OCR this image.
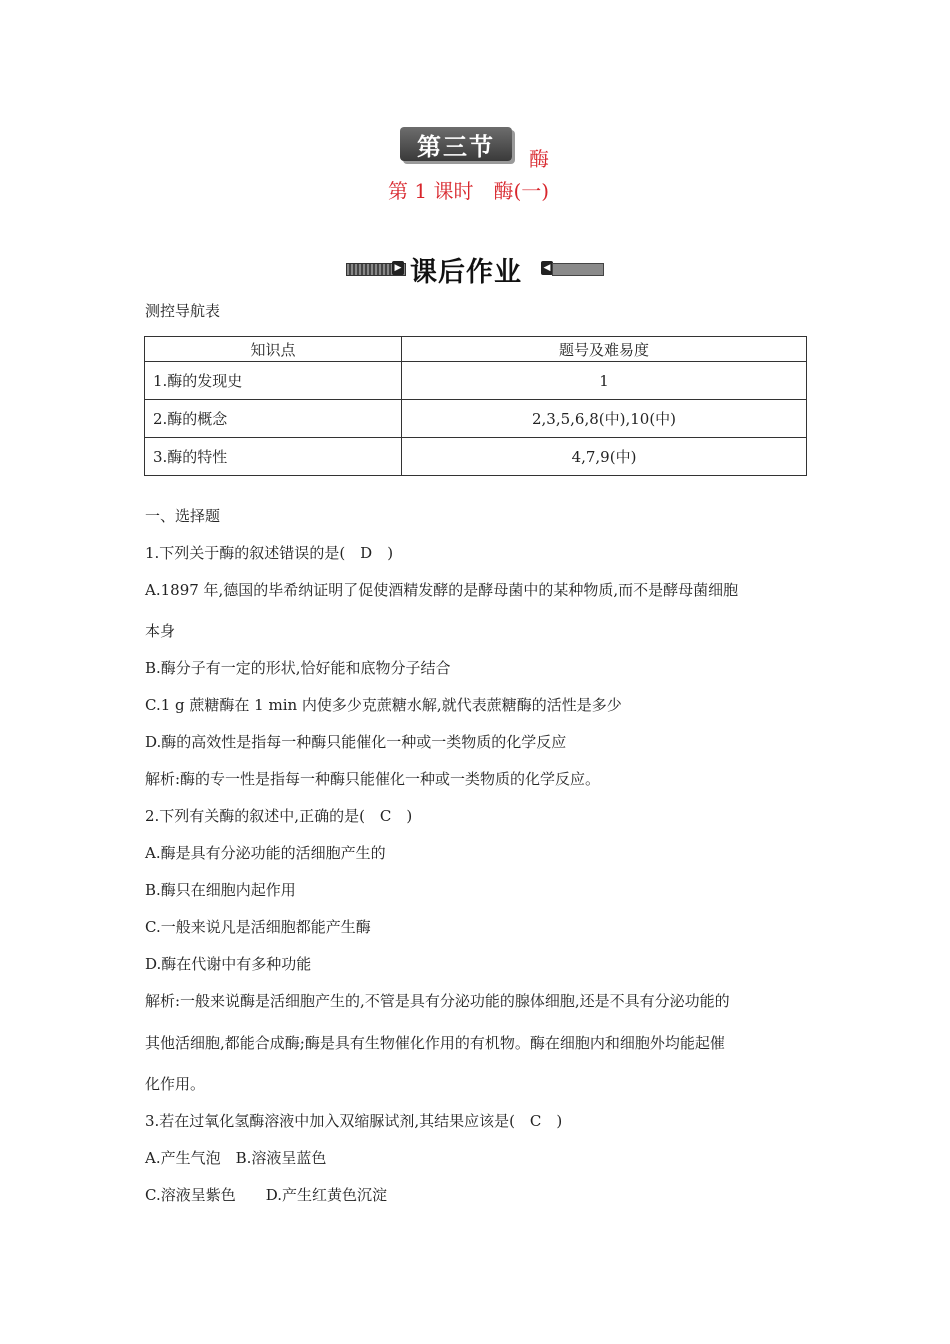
第三节	酶
第 1 课时　酶(一)
▶ 课后作业 ◀
测控导航表
知识点	题号及难易度
1.酶的发现史	1
2.酶的概念	2,3,5,6,8(中),10(中)
3.酶的特性	4,7,9(中)
一、选择题
1.下列关于酶的叙述错误的是(　D　)
A.1897 年,德国的毕希纳证明了促使酒精发酵的是酵母菌中的某种物质,而不是酵母菌细胞
本身
B.酶分子有一定的形状,恰好能和底物分子结合
C.1 g 蔗糖酶在 1 min 内使多少克蔗糖水解,就代表蔗糖酶的活性是多少
D.酶的高效性是指每一种酶只能催化一种或一类物质的化学反应
解析:酶的专一性是指每一种酶只能催化一种或一类物质的化学反应。
2.下列有关酶的叙述中,正确的是(　C　)
A.酶是具有分泌功能的活细胞产生的
B.酶只在细胞内起作用
C.一般来说凡是活细胞都能产生酶
D.酶在代谢中有多种功能
解析:一般来说酶是活细胞产生的,不管是具有分泌功能的腺体细胞,还是不具有分泌功能的
其他活细胞,都能合成酶;酶是具有生物催化作用的有机物。酶在细胞内和细胞外均能起催
化作用。
3.若在过氧化氢酶溶液中加入双缩脲试剂,其结果应该是(　C　)
A.产生气泡　B.溶液呈蓝色
C.溶液呈紫色　　D.产生红黄色沉淀
